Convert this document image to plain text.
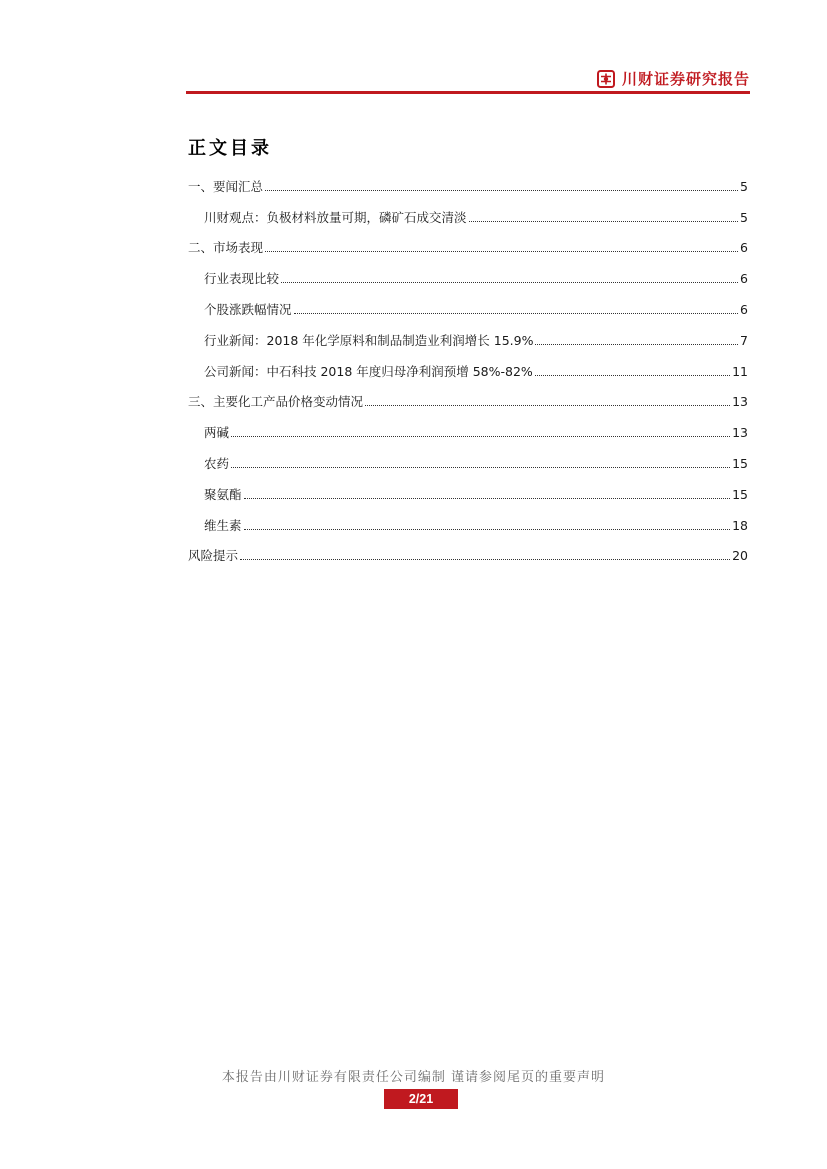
川财证券研究报告
正文目录
一、要闻汇总	5
川财观点：负极材料放量可期，磷矿石成交清淡	5
二、市场表现	6
行业表现比较	6
个股涨跌幅情况	6
行业新闻：2018 年化学原料和制品制造业利润增长 15.9%	7
公司新闻：中石科技 2018 年度归母净利润预增 58%-82%	11
三、主要化工产品价格变动情况	13
两碱	13
农药	15
聚氨酯	15
维生素	18
风险提示	20
本报告由川财证券有限责任公司编制 谨请参阅尾页的重要声明
2/21
